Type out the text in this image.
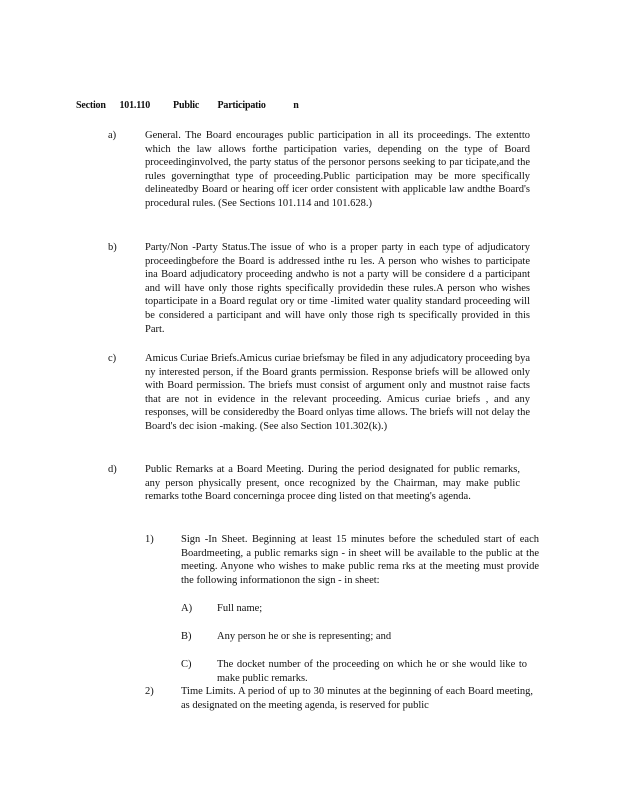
Section      101.110          Public        Participatio            n
a)	General. The Board encourages public participation in all its proceedings. The extentto which the law allows forthe participation varies, depending on the type of Board proceedinginvolved, the party status of the personor persons seeking to par ticipate,and the rules governingthat type of proceeding.Public participation may be more specifically delineatedby Board or hearing off icer order consistent with applicable law andthe Board's procedural rules. (See Sections 101.114 and 101.628.)
b)	Party/Non -Party Status.The issue of who is a proper party in each type of adjudicatory proceedingbefore the Board is addressed inthe ru les. A person who wishes to participate ina Board adjudicatory proceeding andwho is not a party will be considere d a participant and will have only those rights specifically providedin these rules.A person who wishes toparticipate in a Board regulat ory or time -limited water quality standard proceeding will be considered a participant and will have only those righ ts specifically provided in this Part.
c)	Amicus Curiae Briefs.Amicus curiae briefsmay be filed in any adjudicatory proceeding bya ny interested person, if the Board grants permission. Response briefs will be allowed only with Board permission. The briefs must consist of argument only and mustnot raise facts that are not in evidence in the relevant proceeding. Amicus curiae briefs , and any responses, will be consideredby the Board onlyas time allows. The briefs will not delay the Board's dec ision -making. (See also Section 101.302(k).)
d)	Public Remarks at a Board Meeting. During the period designated for public remarks, any person physically present, once recognized by the Chairman, may make public remarks tothe Board concerninga procee ding listed on that meeting's agenda.
1)	Sign -In Sheet. Beginning at least 15 minutes before the scheduled start of each Boardmeeting, a public remarks sign - in sheet will be available to the public at the meeting. Anyone who wishes to make public rema rks at the meeting must provide the following informationon the sign - in sheet:
A) Full name;
B) Any person he or she is representing; and
C) The docket number of the proceeding on which he or she would like to make public remarks.
2)	Time Limits. A period of up to 30 minutes at the beginning of each Board meeting, as designated on the meeting agenda, is reserved for public
